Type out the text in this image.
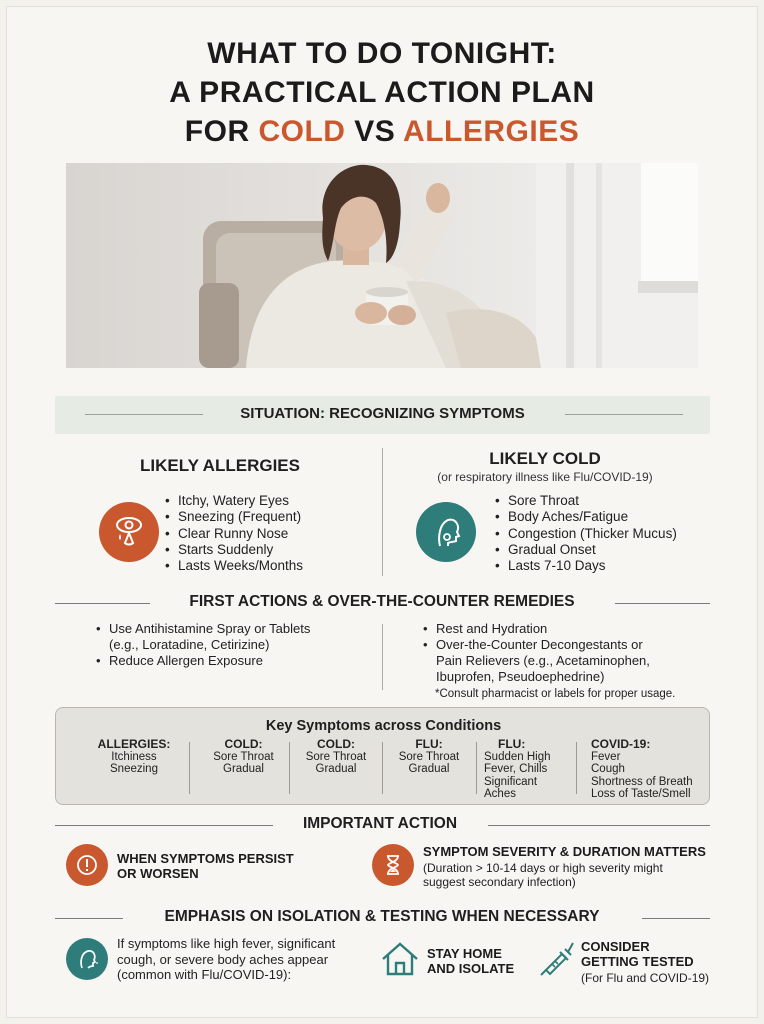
WHAT TO DO TONIGHT:
A PRACTICAL ACTION PLAN
FOR COLD VS ALLERGIES
SITUATION: RECOGNIZING SYMPTOMS
LIKELY ALLERGIES
• Itchy, Watery Eyes
• Sneezing (Frequent)
• Clear Runny Nose
• Starts Suddenly
• Lasts Weeks/Months
LIKELY COLD
(or respiratory illness like Flu/COVID-19)
• Sore Throat
• Body Aches/Fatigue
• Congestion (Thicker Mucus)
• Gradual Onset
• Lasts 7-10 Days
FIRST ACTIONS & OVER-THE-COUNTER REMEDIES
• Use Antihistamine Spray or Tablets
(e.g., Loratadine, Cetirizine)
• Reduce Allergen Exposure
• Rest and Hydration
• Over-the-Counter Decongestants or
Pain Relievers (e.g., Acetaminophen,
Ibuprofen, Pseudoephedrine)
*Consult pharmacist or labels for proper usage.
Key Symptoms across Conditions
ALLERGIES:
Itchiness
Sneezing
COLD:
Sore Throat
Gradual
COLD:
Sore Throat
Gradual
FLU:
Sore Throat
Gradual
FLU:
Sudden High
Fever, Chills
Significant
Aches
COVID-19:
Fever
Cough
Shortness of Breath
Loss of Taste/Smell
IMPORTANT ACTION
WHEN SYMPTOMS PERSIST
OR WORSEN
SYMPTOM SEVERITY & DURATION MATTERS
(Duration > 10-14 days or high severity might
suggest secondary infection)
EMPHASIS ON ISOLATION & TESTING WHEN NECESSARY
If symptoms like high fever, significant
cough, or severe body aches appear
(common with Flu/COVID-19):
STAY HOME
AND ISOLATE
CONSIDER
GETTING TESTED
(For Flu and COVID-19)
